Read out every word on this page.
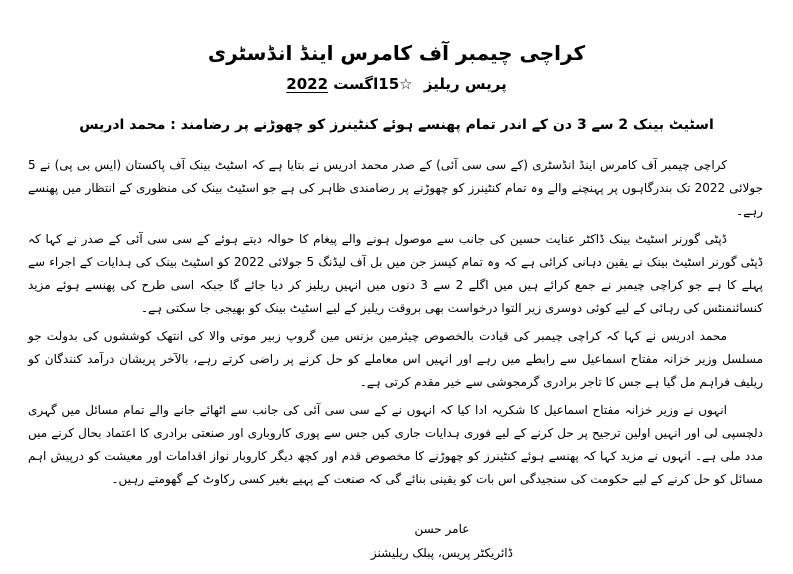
کراچی چیمبر آف کامرس اینڈ انڈسٹری
پریس ریلیز ☆15اگست 2022
اسٹیٹ بینک 2 سے 3 دن کے اندر تمام پھنسے ہوئے کنٹینرز کو چھوڑنے پر رضامند : محمد ادریس

کراچی چیمبر آف کامرس اینڈ انڈسٹری (کے سی سی آئی) کے صدر محمد ادریس نے بتایا ہے کہ اسٹیٹ بینک آف پاکستان (ایس بی پی) نے 5 جولائی 2022 تک بندرگاہوں پر پہنچنے والے وہ تمام کنٹینرز کو چھوڑنے پر رضامندی ظاہر کی ہے جو اسٹیٹ بینک کی منظوری کے انتظار میں پھنسے رہے۔

ڈپٹی گورنر اسٹیٹ بینک ڈاکٹر عنایت حسین کی جانب سے موصول ہونے والے پیغام کا حوالہ دیتے ہوئے کے سی سی آئی کے صدر نے کہا کہ ڈپٹی گورنر اسٹیٹ بینک نے یقین دہانی کرائی ہے کہ وہ تمام کیسز جن میں بل آف لیڈنگ 5 جولائی 2022 کو اسٹیٹ بینک کی ہدایات کے اجراء سے پہلے کا ہے جو کراچی چیمبر نے جمع کرائے ہیں میں اگلے 2 سے 3 دنوں میں انہیں ریلیز کر دیا جائے گا جبکہ اسی طرح کی پھنسے ہوئے مزید کنسائنمنٹس کی رہائی کے لیے کوئی دوسری زیر التوا درخواست بھی بروقت ریلیز کے لیے اسٹیٹ بینک کو بھیجی جا سکتی ہے۔

محمد ادریس نے کہا کہ کراچی چیمبر کی قیادت بالخصوص چیئرمین بزنس مین گروپ زبیر موتی والا کی انتھک کوششوں کی بدولت جو مسلسل وزیر خزانہ مفتاح اسماعیل سے رابطے میں رہے اور انہیں اس معاملے کو حل کرنے پر راضی کرتے رہے، بالآخر پریشان درآمد کنندگان کو ریلیف فراہم مل گیا ہے جس کا تاجر برادری گرمجوشی سے خیر مقدم کرتی ہے۔

انہوں نے وزیر خزانہ مفتاح اسماعیل کا شکریہ ادا کیا کہ انہوں نے کے سی سی آئی کی جانب سے اٹھائے جانے والے تمام مسائل میں گہری دلچسپی لی اور انہیں اولین ترجیح پر حل کرنے کے لیے فوری ہدایات جاری کیں جس سے پوری کاروباری اور صنعتی برادری کا اعتماد بحال کرنے میں مدد ملی ہے۔ انہوں نے مزید کہا کہ پھنسے ہوئے کنٹینرز کو چھوڑنے کا مخصوص قدم اور کچھ دیگر کاروبار نواز اقدامات اور معیشت کو درپیش اہم مسائل کو حل کرنے کے لیے حکومت کی سنجیدگی اس بات کو یقینی بنائے گی کہ صنعت کے پہیے بغیر کسی رکاوٹ کے گھومتے رہیں۔

عامر حسن
ڈائریکٹر پریس، پبلک ریلیشنز
